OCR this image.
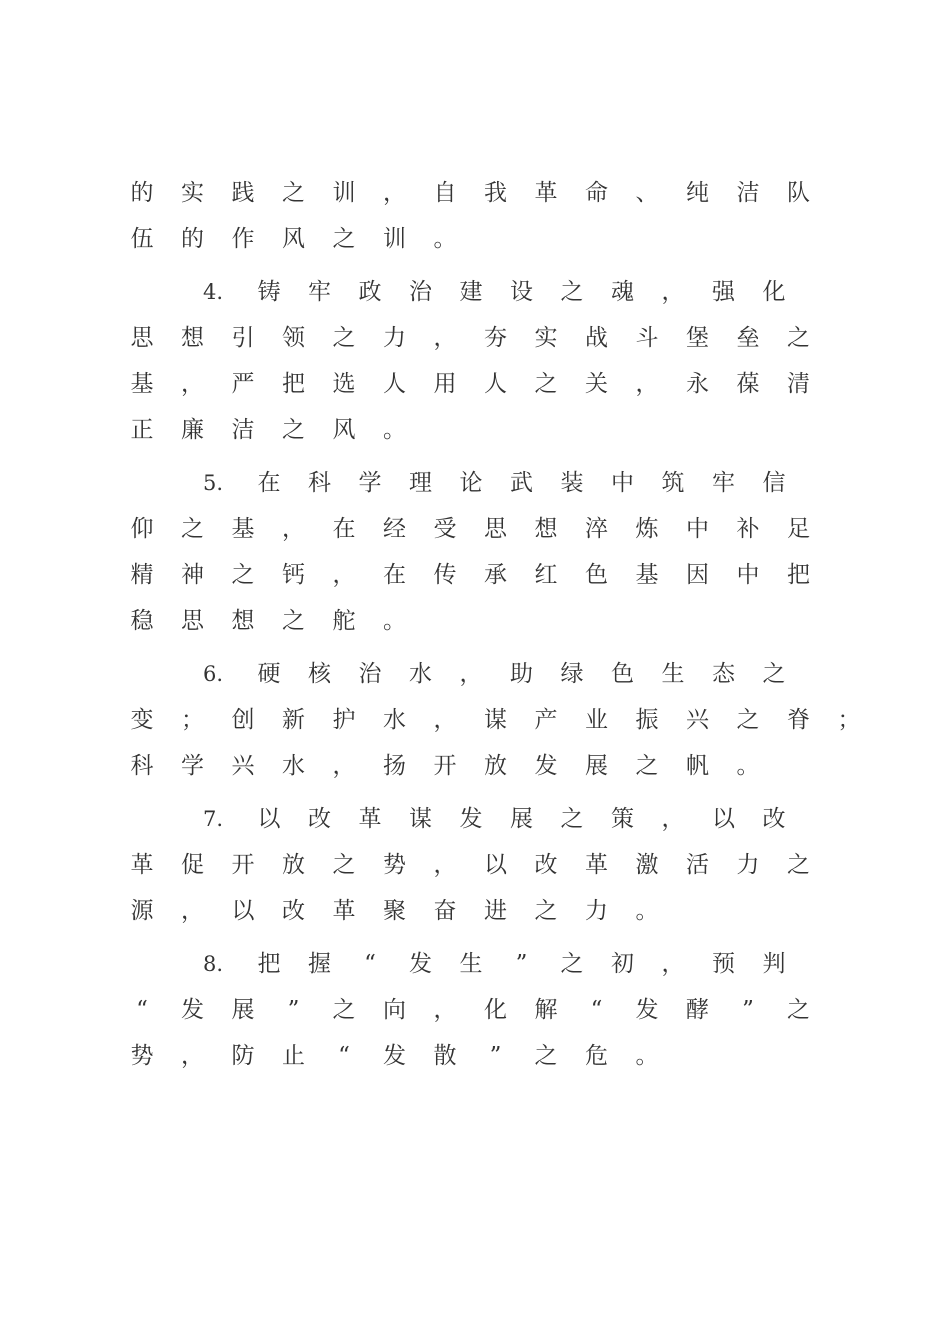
的 实 践 之 训 ， 自 我 革 命 、 纯 洁 队
伍 的 作 风 之 训 。
4. 铸 牢 政 治 建 设 之 魂 ， 强 化
思 想 引 领 之 力 ， 夯 实 战 斗 堡 垒 之
基 ， 严 把 选 人 用 人 之 关 ， 永 葆 清
正 廉 洁 之 风 。
5. 在 科 学 理 论 武 装 中 筑 牢 信
仰 之 基 ， 在 经 受 思 想 淬 炼 中 补 足
精 神 之 钙 ， 在 传 承 红 色 基 因 中 把
稳 思 想 之 舵 。
6. 硬 核 治 水 ， 助 绿 色 生 态 之
变 ； 创 新 护 水 ， 谋 产 业 振 兴 之 脊 ；
科 学 兴 水 ， 扬 开 放 发 展 之 帆 。
7. 以 改 革 谋 发 展 之 策 ， 以 改
革 促 开 放 之 势 ， 以 改 革 激 活 力 之
源 ， 以 改 革 聚 奋 进 之 力 。
8. 把 握	“	发 生	”	之 初 ， 预 判
“	发 展	”	之 向 ， 化 解	“	发 酵	”	之
势 ， 防 止	“	发 散	”	之 危 。
